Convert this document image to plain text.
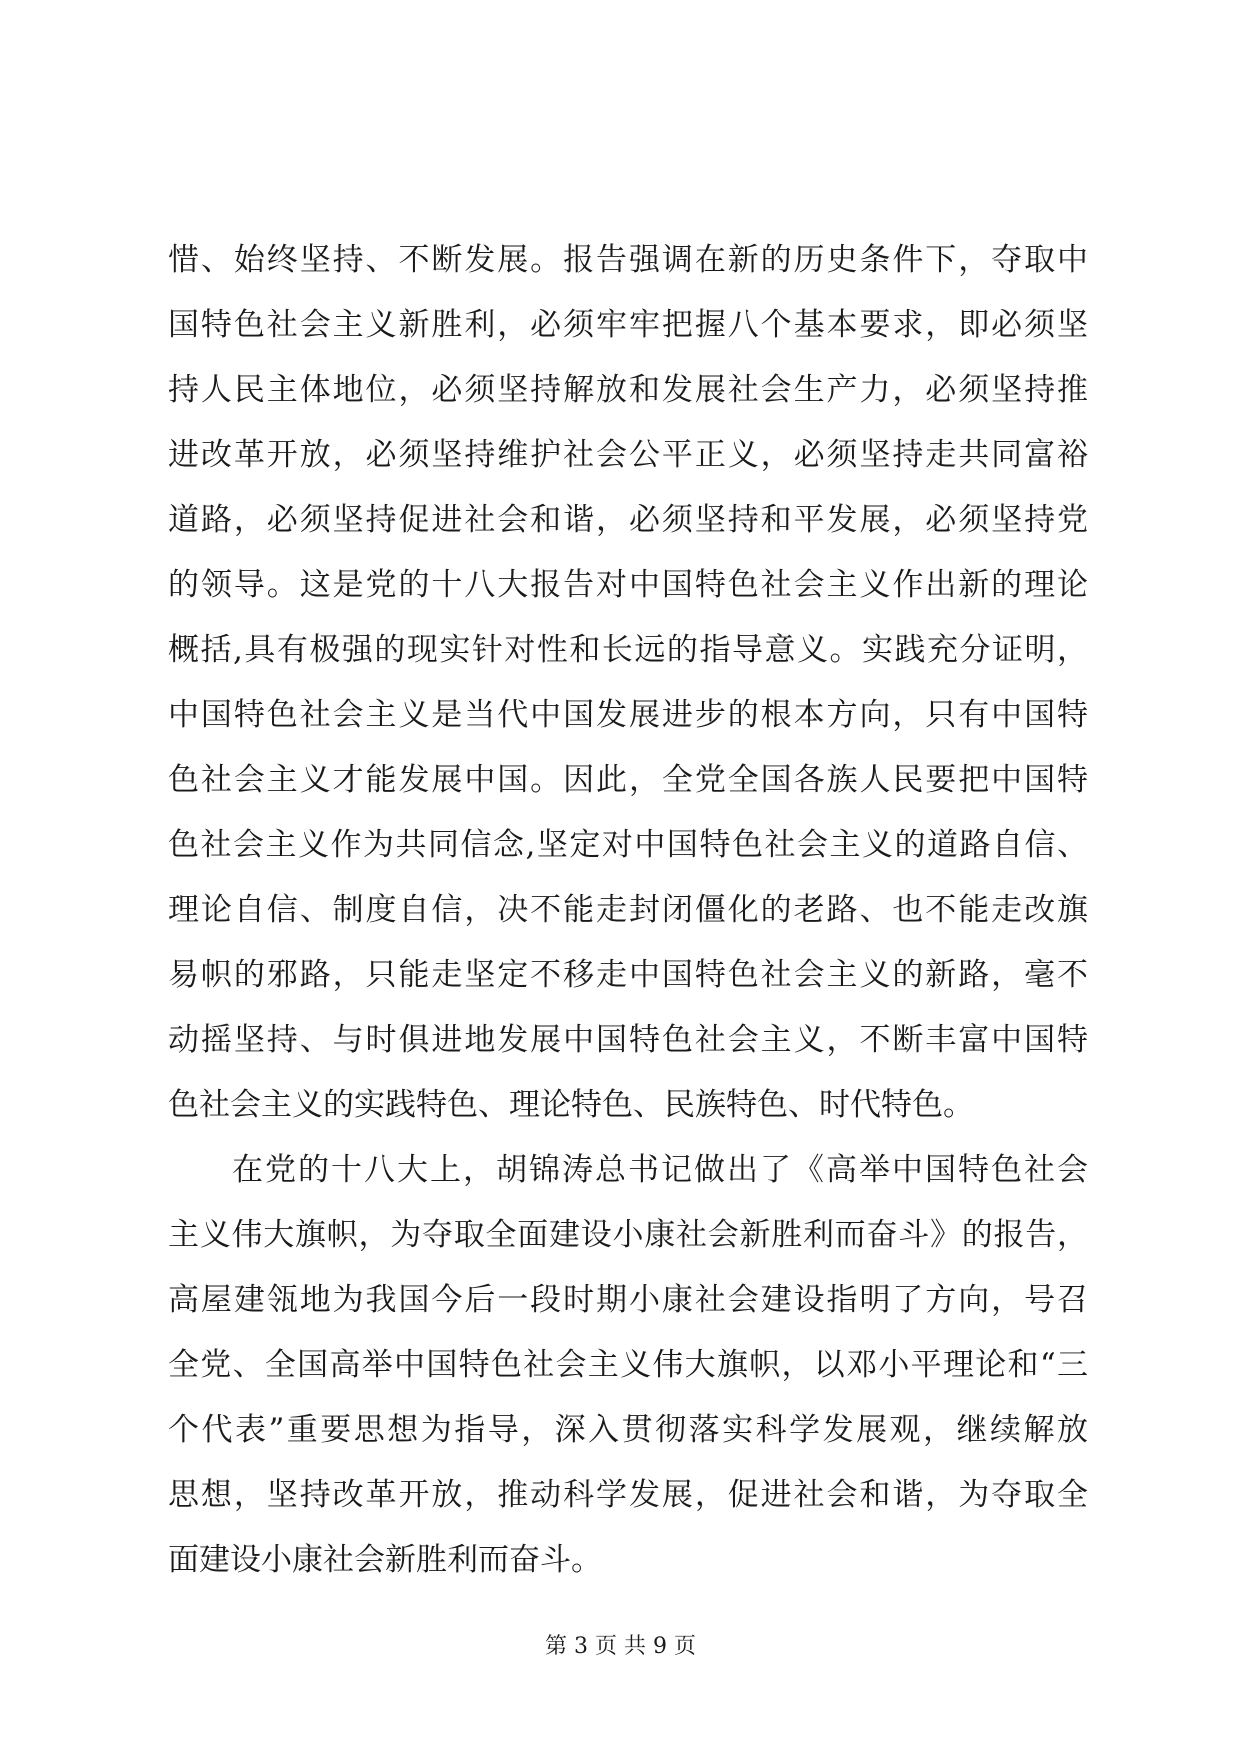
惜、始终坚持、不断发展。报告强调在新的历史条件下，夺取中
国特色社会主义新胜利，必须牢牢把握八个基本要求，即必须坚
持人民主体地位，必须坚持解放和发展社会生产力，必须坚持推
进改革开放，必须坚持维护社会公平正义，必须坚持走共同富裕
道路，必须坚持促进社会和谐，必须坚持和平发展，必须坚持党
的领导。这是党的十八大报告对中国特色社会主义作出新的理论
概括,具有极强的现实针对性和长远的指导意义。实践充分证明，
中国特色社会主义是当代中国发展进步的根本方向，只有中国特
色社会主义才能发展中国。因此，全党全国各族人民要把中国特
色社会主义作为共同信念,坚定对中国特色社会主义的道路自信、
理论自信、制度自信，决不能走封闭僵化的老路、也不能走改旗
易帜的邪路，只能走坚定不移走中国特色社会主义的新路，毫不
动摇坚持、与时俱进地发展中国特色社会主义，不断丰富中国特
色社会主义的实践特色、理论特色、民族特色、时代特色。

在党的十八大上，胡锦涛总书记做出了《高举中国特色社会
主义伟大旗帜，为夺取全面建设小康社会新胜利而奋斗》的报告，
高屋建瓴地为我国今后一段时期小康社会建设指明了方向，号召
全党、全国高举中国特色社会主义伟大旗帜，以邓小平理论和“三
个代表”重要思想为指导，深入贯彻落实科学发展观，继续解放
思想，坚持改革开放，推动科学发展，促进社会和谐，为夺取全
面建设小康社会新胜利而奋斗。

第 3 页 共 9 页
